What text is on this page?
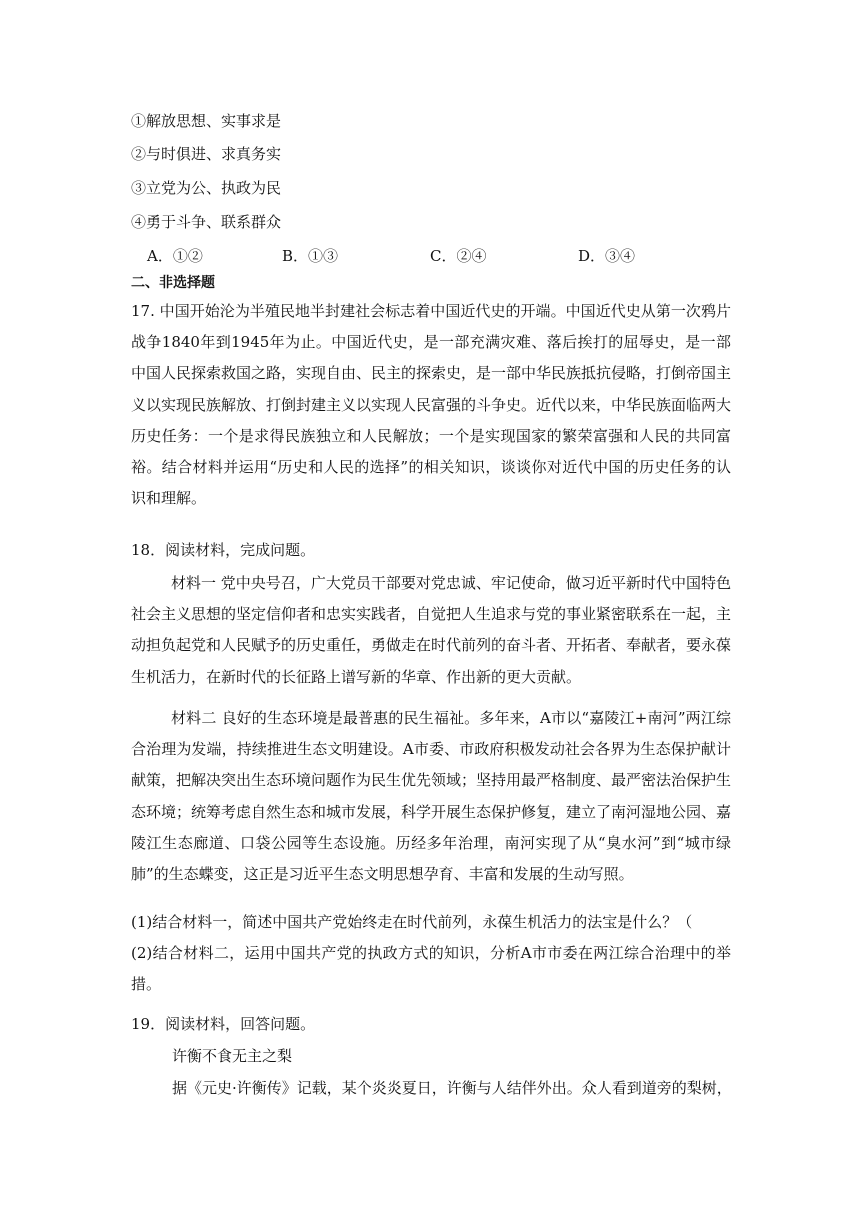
①解放思想、实事求是
②与时俱进、求真务实
③立党为公、执政为民
④勇于斗争、联系群众
A．①②	B．①③	C．②④	D．③④
二、非选择题
17. 中国开始沦为半殖民地半封建社会标志着中国近代史的开端。中国近代史从第一次鸦片战争1840年到1945年为止。中国近代史，是一部充满灾难、落后挨打的屈辱史，是一部中国人民探索救国之路，实现自由、民主的探索史，是一部中华民族抵抗侵略，打倒帝国主义以实现民族解放、打倒封建主义以实现人民富强的斗争史。近代以来，中华民族面临两大历史任务：一个是求得民族独立和人民解放；一个是实现国家的繁荣富强和人民的共同富裕。结合材料并运用“历史和人民的选择”的相关知识，谈谈你对近代中国的历史任务的认识和理解。
18．阅读材料，完成问题。
材料一 党中央号召，广大党员干部要对党忠诚、牢记使命，做习近平新时代中国特色社会主义思想的坚定信仰者和忠实实践者，自觉把人生追求与党的事业紧密联系在一起，主动担负起党和人民赋予的历史重任，勇做走在时代前列的奋斗者、开拓者、奉献者，要永葆生机活力，在新时代的长征路上谱写新的华章、作出新的更大贡献。
材料二 良好的生态环境是最普惠的民生福祉。多年来，A市以“嘉陵江+南河”两江综合治理为发端，持续推进生态文明建设。A市委、市政府积极发动社会各界为生态保护献计献策，把解决突出生态环境问题作为民生优先领域；坚持用最严格制度、最严密法治保护生态环境；统筹考虑自然生态和城市发展，科学开展生态保护修复，建立了南河湿地公园、嘉陵江生态廊道、口袋公园等生态设施。历经多年治理，南河实现了从“臭水河”到“城市绿肺”的生态蝶变，这正是习近平生态文明思想孕育、丰富和发展的生动写照。
(1)结合材料一，简述中国共产党始终走在时代前列，永葆生机活力的法宝是什么？（
(2)结合材料二，运用中国共产党的执政方式的知识，分析A市市委在两江综合治理中的举措。
19．阅读材料，回答问题。
许衡不食无主之梨
据《元史·许衡传》记载，某个炎炎夏日，许衡与人结伴外出。众人看到道旁的梨树，
